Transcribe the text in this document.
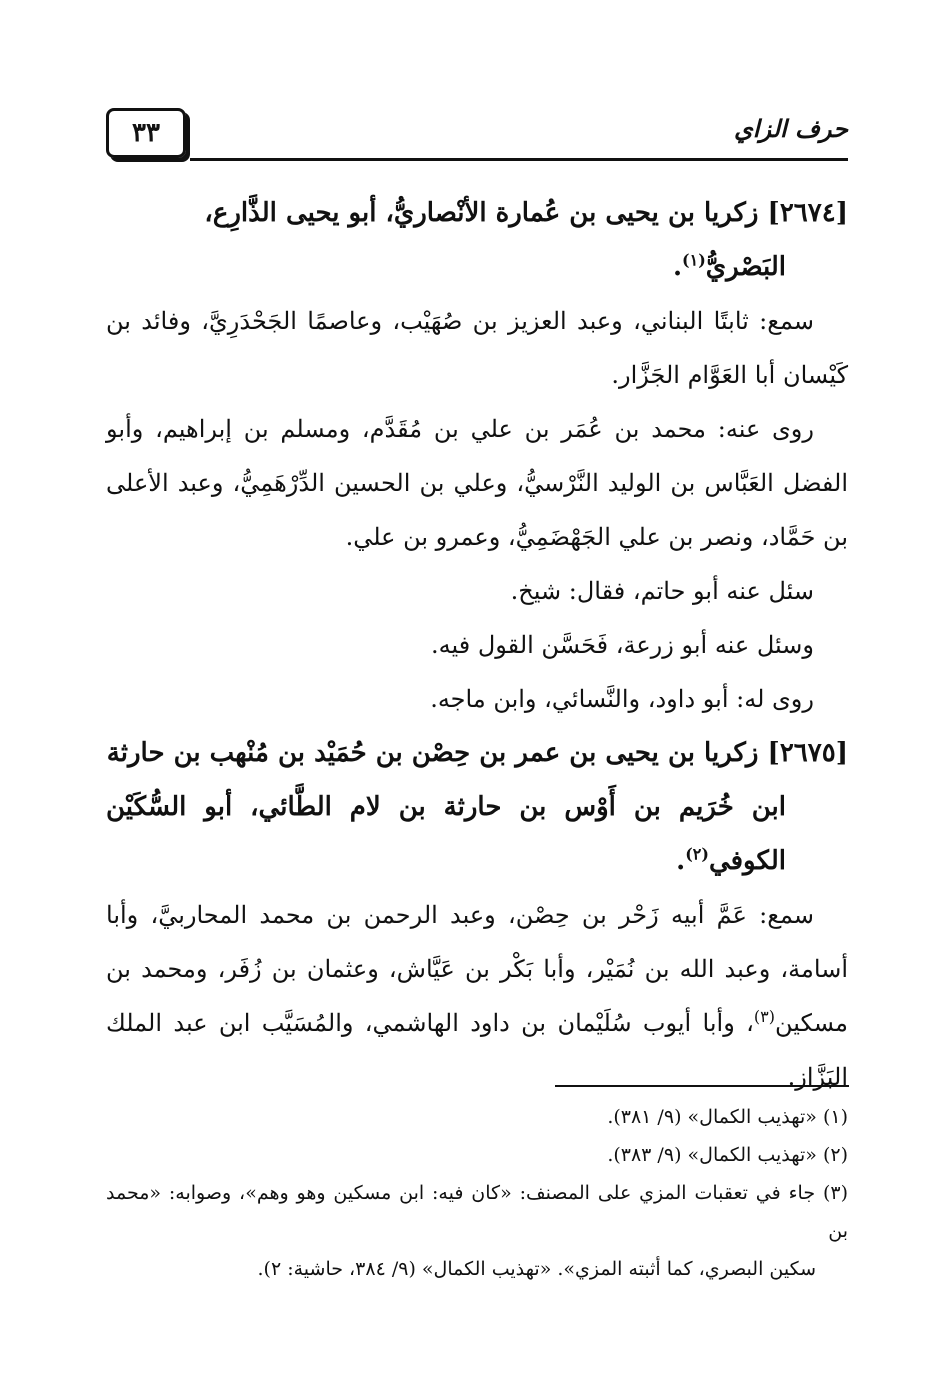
حرف الزاي
٣٣

[٢٦٧٤] زكريا بن يحيى بن عُمارة الأنْصاريُّ، أبو يحيى الذَّارِع،
البَصْريُّ$^{(١)}$.

سمع: ثابتًا البناني، وعبد العزيز بن صُهَيْب، وعاصمًا الجَحْدَرِيَّ، وفائد بن كَيْسان أبا العَوَّام الجَزَّار.

روى عنه: محمد بن عُمَر بن علي بن مُقَدَّم، ومسلم بن إبراهيم، وأبو الفضل العَبَّاس بن الوليد النَّرْسيُّ، وعلي بن الحسين الدِّرْهَمِيُّ، وعبد الأعلى بن حَمَّاد، ونصر بن علي الجَهْضَمِيُّ، وعمرو بن علي.

سئل عنه أبو حاتم، فقال: شيخ.

وسئل عنه أبو زرعة، فَحَسَّن القول فيه.

روى له: أبو داود، والنَّسائي، وابن ماجه.

[٢٦٧٥] زكريا بن يحيى بن عمر بن حِصْن بن حُمَيْد بن مُنْهب بن حارثة
ابن خُرَيم بن أَوْس بن حارثة بن لام الطَّائي، أبو السُّكَيْن الكوفي$^{(٢)}$.

سمع: عَمَّ أبيه زَحْر بن حِصْن، وعبد الرحمن بن محمد المحاربيَّ، وأبا أسامة، وعبد الله بن نُمَيْر، وأبا بَكْر بن عَيَّاش، وعثمان بن زُفَر، ومحمد بن مسكين$^{(٣)}$، وأبا أيوب سُلَيْمان بن داود الهاشمي، والمُسَيَّب ابن عبد الملك البَزَّاز.

(١) «تهذيب الكمال» (٩/ ٣٨١).

(٢) «تهذيب الكمال» (٩/ ٣٨٣).

(٣) جاء في تعقبات المزي على المصنف: «كان فيه: ابن مسكين وهو وهم»، وصوابه: «محمد بن
سكين البصري، كما أثبته المزي». «تهذيب الكمال» (٩/ ٣٨٤، حاشية: ٢).
